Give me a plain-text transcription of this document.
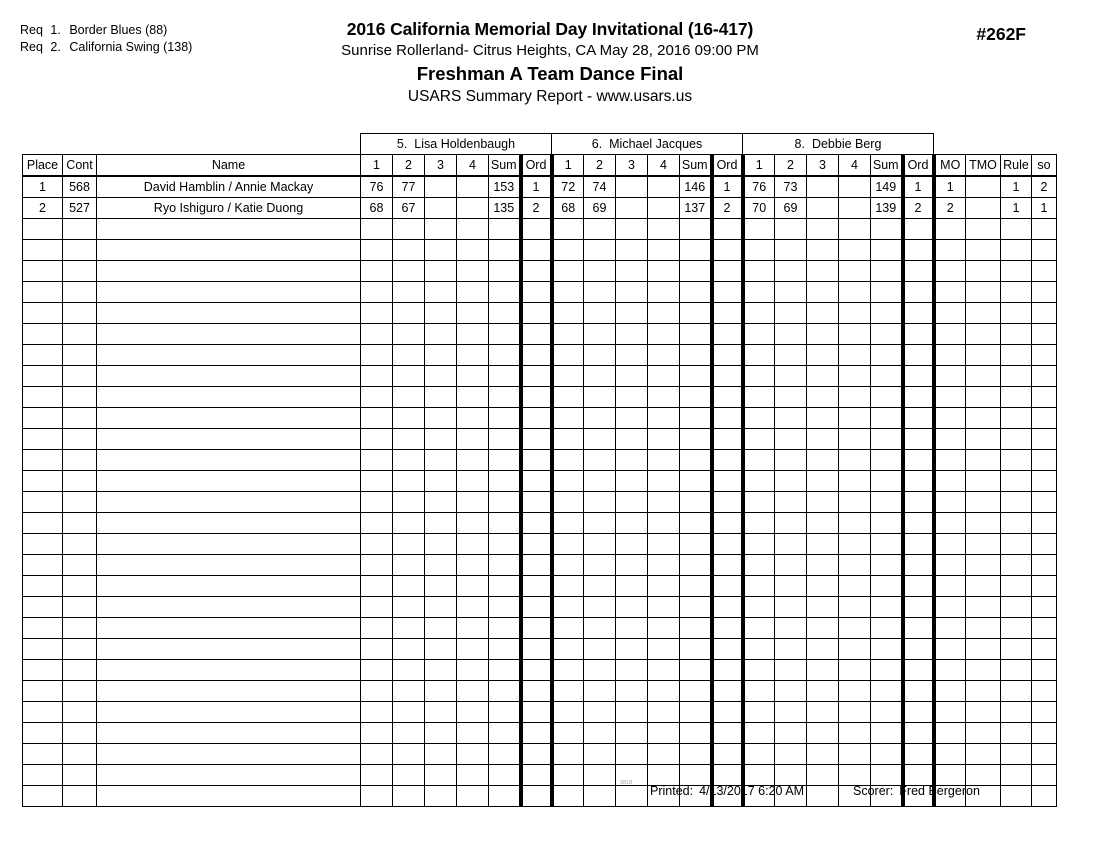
Req 1. Border Blues (88)
Req 2. California Swing (138)
2016 California Memorial Day Invitational (16-417)
Sunrise Rollerland- Citrus Heights, CA May 28, 2016 09:00 PM
Freshman A Team Dance Final
USARS Summary Report - www.usars.us
#262F
			5. Lisa Holdenbaugh						6. Michael Jacques						8. Debbie Berg									
Place	Cont	Name	1	2	3	4	Sum	Ord	1	2	3	4	Sum	Ord	1	2	3	4	Sum	Ord	MO	TMO	Rule	so
1	568	David Hamblin / Annie Mackay	76	77			153	1	72	74			146	1	76	73			149	1	1		1	2
2	527	Ryo Ishiguro / Katie Duong	68	67			135	2	68	69			137	2	70	69			139	2	2		1	1

3818
Printed: 4/13/2017 6:20 AM	Scorer: Fred Bergeron
